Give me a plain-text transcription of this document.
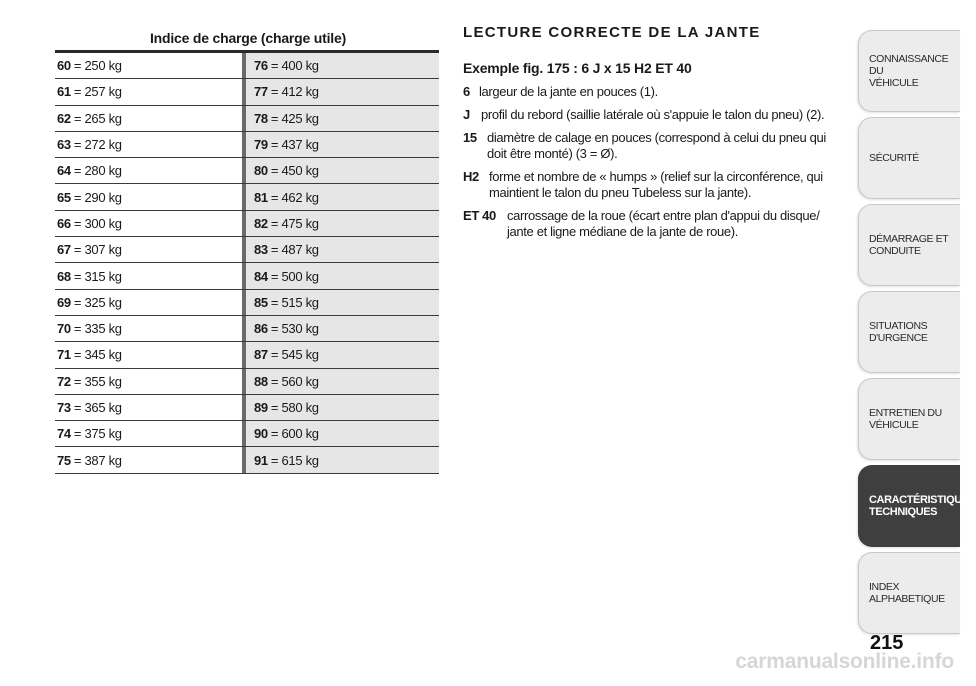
Indice de charge (charge utile)
60 = 250 kg	76 = 400 kg
61 = 257 kg	77 = 412 kg
62 = 265 kg	78 = 425 kg
63 = 272 kg	79 = 437 kg
64 = 280 kg	80 = 450 kg
65 = 290 kg	81 = 462 kg
66 = 300 kg	82 = 475 kg
67 = 307 kg	83 = 487 kg
68 = 315 kg	84 = 500 kg
69 = 325 kg	85 = 515 kg
70 = 335 kg	86 = 530 kg
71 = 345 kg	87 = 545 kg
72 = 355 kg	88 = 560 kg
73 = 365 kg	89 = 580 kg
74 = 375 kg	90 = 600 kg
75 = 387 kg	91 = 615 kg
LECTURE CORRECTE DE LA JANTE
Exemple fig. 175 : 6 J x 15 H2 ET 40
6 largeur de la jante en pouces (1).
J profil du rebord (saillie latérale où s'appuie le talon du pneu) (2).
15 diamètre de calage en pouces (correspond à celui du pneu qui doit être monté) (3 = Ø).
H2 forme et nombre de « humps » (relief sur la circonférence, qui maintient le talon du pneu Tubeless sur la jante).
ET 40 carrossage de la roue (écart entre plan d'appui du disque/ jante et ligne médiane de la jante de roue).
CONNAISSANCE DU
VÉHICULE
SÉCURITÉ
DÉMARRAGE ET
CONDUITE
SITUATIONS
D'URGENCE
ENTRETIEN DU
VÉHICULE
CARACTÉRISTIQUES
TECHNIQUES
INDEX
ALPHABETIQUE
215
carmanualsonline.info
